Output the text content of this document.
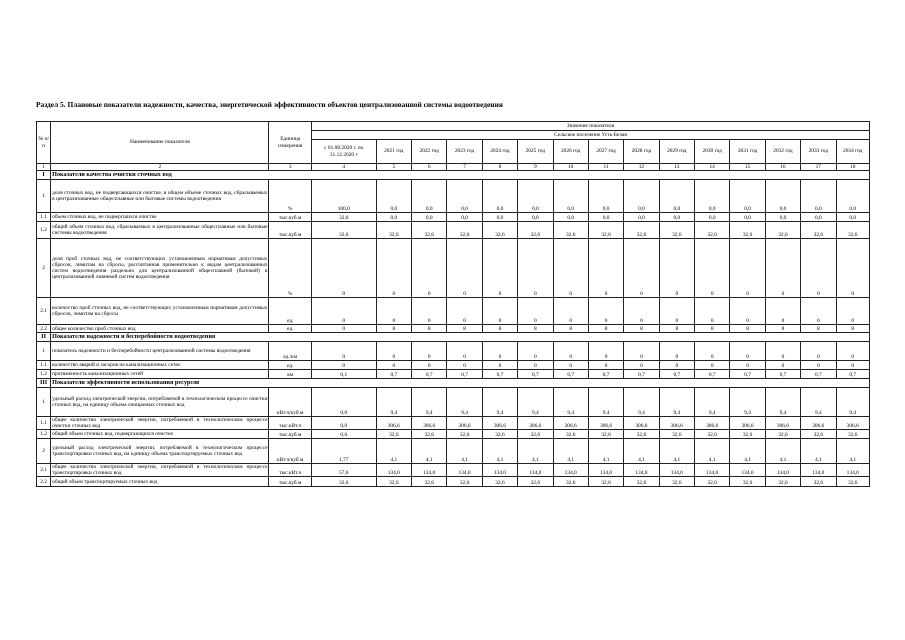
Раздел 5. Плановые показатели надежности, качества, энергетической эффективности объектов централизованной системы водоотведения
№ п/п	Наименование показателя	Единица измерения	Значение показателя														
			Сельское поселение Усть-Белая														
			с 01.08.2020 г. по 31.12.2020 г	2021 год	2022 год	2023 год	2024 год	2025 год	2026 год	2027 год	2028 год	2029 год	2030 год	2031 год	2032 год	2033 год	2034 год
1	2	3	4	5	6	7	8	9	10	11	12	13	14	15	16	17	18
I	Показатели качества очистки сточных вод																
1	доля сточных вод, не подвергающихся очистке, в общем объеме сточных вод, сбрасываемых в централизованные общесплавные или бытовые системы водоотведения	%	100,0	0,0	0,0	0,0	0,0	0,0	0,0	0,0	0,0	0,0	0,0	0,0	0,0	0,0	0,0
1.1	объем сточных вод, не подвергшихся очистке	тыс.куб.м	32,6	0,0	0,0	0,0	0,0	0,0	0,0	0,0	0,0	0,0	0,0	0,0	0,0	0,0	0,0
1.2	общий объем сточных вод, сбрасываемых в централизованные общесплавные или бытовые системы водоотведения	тыс.куб.м	32,6	32,6	32,6	32,6	32,6	32,6	32,6	32,6	32,6	32,6	32,6	32,6	32,6	32,6	32,6
2	доля проб сточных вод, не соответствующих установленным нормативам допустимых сбросов, лимитам на сбросы, рассчитанная применительно к видам централизованных систем водоотведения раздельно для централизованной общесплавной (бытовой) и централизованной ливневой систем водоотведения	%	0	0	0	0	0	0	0	0	0	0	0	0	0	0	0
2.1	количество проб сточных вод, не соответствующих установленным нормативам допустимых сбросов, лимитам на сбросы	ед.	0	0	0	0	0	0	0	0	0	0	0	0	0	0	0
2.2	общее количество проб сточных вод	ед.	0	8	8	8	8	8	8	8	8	8	8	8	8	8	8
II	Показатели надежности и бесперебойности водоотведения																
1	показатель надежности и бесперебойности централизованной системы водоотведения	ед./км	0	0	0	0	0	0	0	0	0	0	0	0	0	0	0
1.1	количество аварий и засоров на канализационных сетях	ед.	0	0	0	0	0	0	0	0	0	0	0	0	0	0	0
1.2	протяженность канализационных сетей	км	0,1	0,7	0,7	0,7	0,7	0,7	0,7	0,7	0,7	0,7	0,7	0,7	0,7	0,7	0,7
III	Показатели эффективности использования ресурсов																
1	удельный расход электрической энергии, потребляемой в технологическом процессе очистки сточных вод, на единицу объема очищаемых сточных вод	кВт.ч/куб.м	0,0	9,4	9,4	9,4	9,4	9,4	9,4	9,4	9,4	9,4	9,4	9,4	9,4	9,4	9,4
1.1	общее количество электрической энергии, потребляемой в технологическом процессе очистки сточных вод	тыс.кВт.ч	0,0	306,6	306,6	306,6	306,6	306,6	306,6	306,6	306,6	306,6	306,6	306,6	306,6	306,6	306,6
1.2	общий объем сточных вод, подвергающихся очистке	тыс.куб.м	0,0	32,6	32,6	32,6	32,6	32,6	32,6	32,6	32,6	32,6	32,6	32,6	32,6	32,6	32,6
2	удельный расход электрической энергии, потребляемой в технологическом процессе транспортировки сточных вод, на единицу объема транспортируемых сточных вод	кВт.ч/куб.м	1,77	4,1	4,1	4,1	4,1	4,1	4,1	4,1	4,1	4,1	4,1	4,1	4,1	4,1	4,1
2.1	общее количество электрической энергии, потребляемой в технологическом процессе транспортировки сточных вод	тыс.кВт.ч	57,6	134,0	134,0	134,0	134,0	134,0	134,0	134,0	134,0	134,0	134,0	134,0	134,0	134,0	134,0
2.2	общий объем транспортируемых сточных вод	тыс.куб.м	32,6	32,6	32,6	32,6	32,6	32,6	32,6	32,6	32,6	32,6	32,6	32,6	32,6	32,6	32,6
